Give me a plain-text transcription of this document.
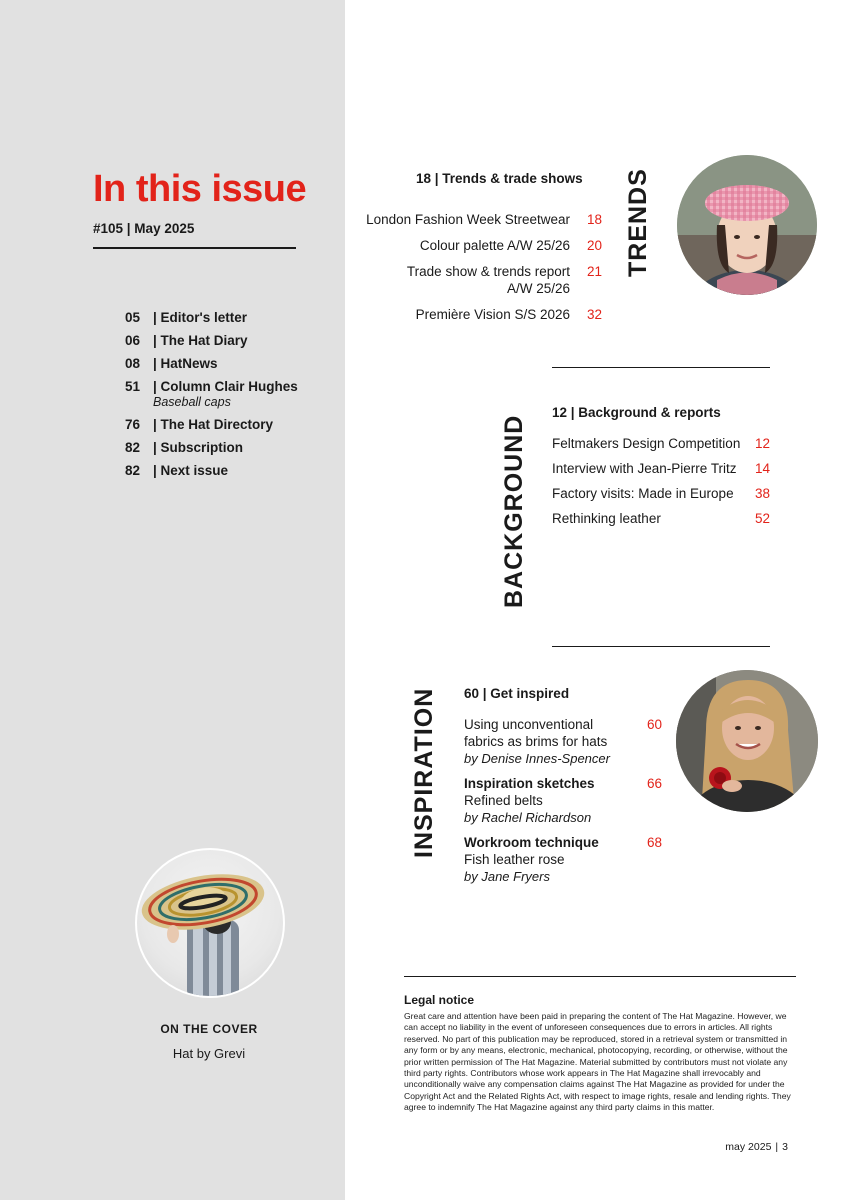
In this issue
#105 | May 2025
05 | Editor's letter
06 | The Hat Diary
08 | HatNews
51 | Column Clair Hughes
Baseball caps
76 | The Hat Directory
82 | Subscription
82 | Next issue
ON THE COVER
Hat by Grevi
18 | Trends & trade shows
London Fashion Week Streetwear	18
Colour palette A/W 25/26	20
Trade show & trends report
A/W 25/26
21
Première Vision S/S 2026	32
TRENDS
BACKGROUND
12 | Background & reports
Feltmakers Design Competition 12
Interview with Jean-Pierre Tritz 14
Factory visits: Made in Europe 38
Rethinking leather	52
INSPIRATION 60 | Get inspired
Using unconventional
fabrics as brims for hats
by Denise Innes-Spencer
60
Inspiration sketches
Refined belts
by Rachel Richardson
66
Workroom technique
Fish leather rose
by Jane Fryers
68
Legal notice
Great care and attention have been paid in preparing the content of The Hat Magazine. However, we can accept no liability in the event of unforeseen consequences due to errors in articles. All rights reserved. No part of this publication may be reproduced, stored in a retrieval system or transmitted in any form or by any means, electronic, mechanical, photocopying, recording, or otherwise, without the prior written permission of The Hat Magazine. Material submitted by contributors must not violate any third party rights. Contributors whose work appears in The Hat Magazine shall irrevocably and unconditionally waive any compensation claims against The Hat Magazine as provided for under the Copyright Act and the Related Rights Act, with respect to image rights, resale and lending rights. They agree to indemnify The Hat Magazine against any third party claims in this matter.
may 2025 | 3
